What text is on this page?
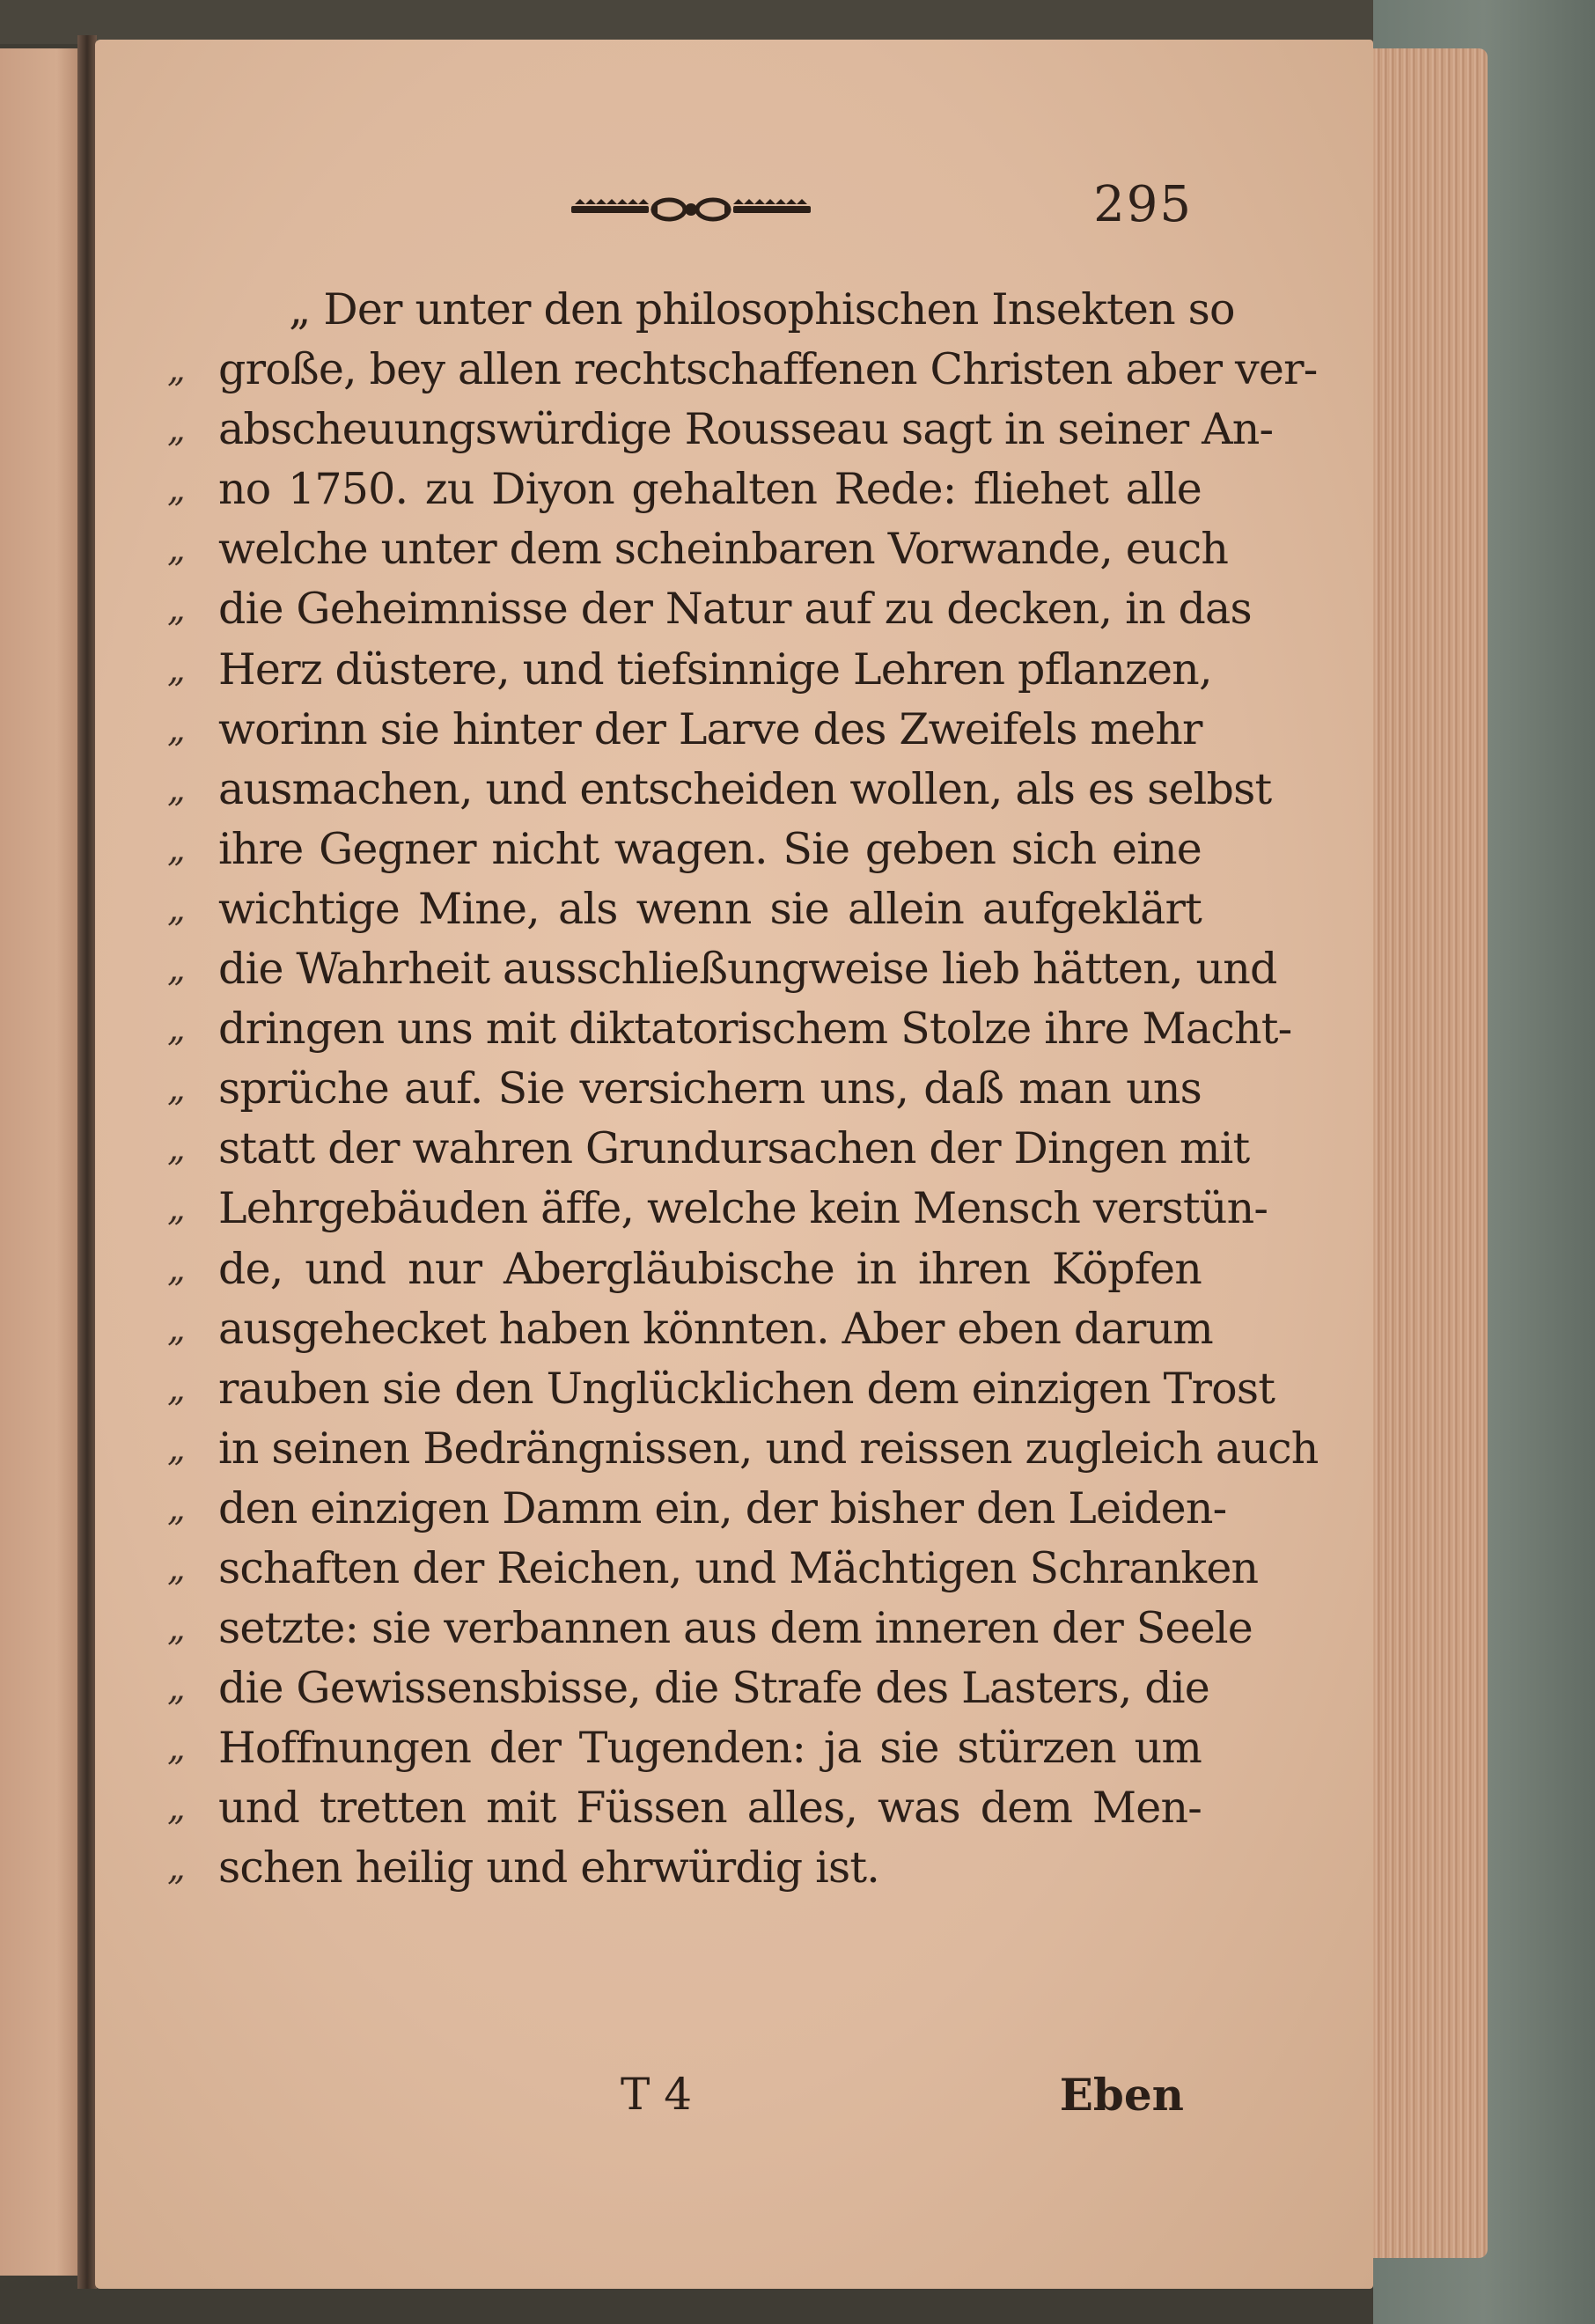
295
„ Der unter den philosophischen Insekten so
„ große, bey allen rechtschaffenen Christen aber ver-
„ abscheuungswürdige Rousseau sagt in seiner An-
„ no 1750. zu Diyon gehalten Rede: fliehet alle
„ welche unter dem scheinbaren Vorwande, euch
„ die Geheimnisse der Natur auf zu decken, in das
„ Herz düstere, und tiefsinnige Lehren pflanzen,
„ worinn sie hinter der Larve des Zweifels mehr
„ ausmachen, und entscheiden wollen, als es selbst
„ ihre Gegner nicht wagen. Sie geben sich eine
„ wichtige Mine, als wenn sie allein aufgeklärt
„ die Wahrheit ausschließungweise lieb hätten, und
„ dringen uns mit diktatorischem Stolze ihre Macht-
„ sprüche auf. Sie versichern uns, daß man uns
„ statt der wahren Grundursachen der Dingen mit
„ Lehrgebäuden äffe, welche kein Mensch verstün-
„ de, und nur Abergläubische in ihren Köpfen
„ ausgehecket haben könnten. Aber eben darum
„ rauben sie den Unglücklichen dem einzigen Trost
„ in seinen Bedrängnissen, und reissen zugleich auch
„ den einzigen Damm ein, der bisher den Leiden-
„ schaften der Reichen, und Mächtigen Schranken
„ setzte: sie verbannen aus dem inneren der Seele
„ die Gewissensbisse, die Strafe des Lasters, die
„ Hoffnungen der Tugenden: ja sie stürzen um
„ und tretten mit Füssen alles, was dem Men-
„ schen heilig und ehrwürdig ist.
T 4	Eben
